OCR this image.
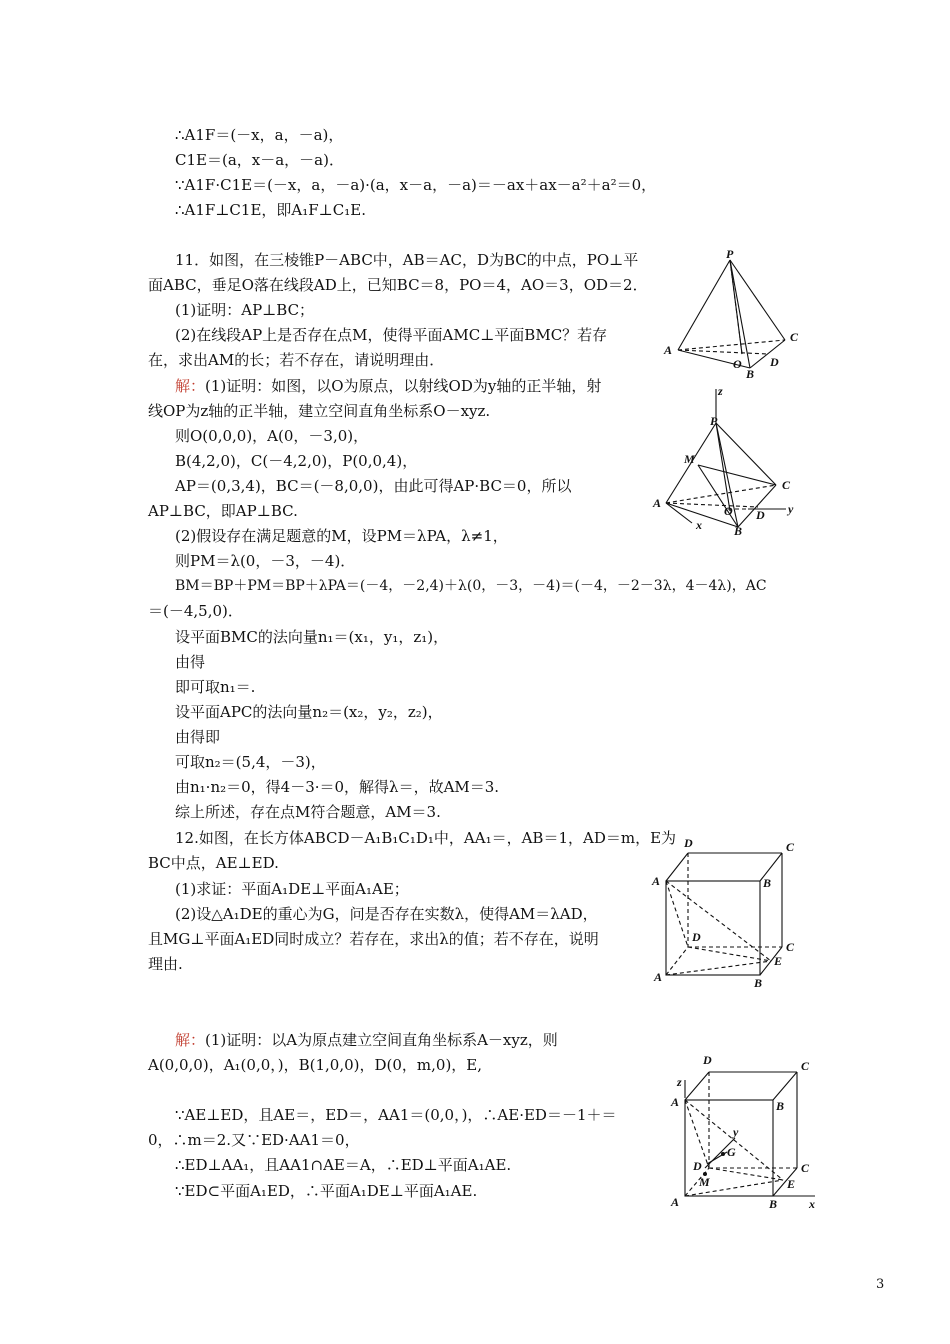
∴A1F＝(－x，a，－a)，
C1E＝(a，x－a，－a)．
∵A1F·C1E＝(－x，a，－a)·(a，x－a，－a)＝－ax＋ax－a²＋a²＝0，
∴A1F⊥C1E，即A₁F⊥C₁E.
11．如图，在三棱锥P－ABC中，AB＝AC，D为BC的中点，PO⊥平
面ABC，垂足O落在线段AD上，已知BC＝8，PO＝4，AO＝3，OD＝2．
(1)证明：AP⊥BC；
(2)在线段AP上是否存在点M，使得平面AMC⊥平面BMC？若存
在，求出AM的长；若不存在，请说明理由．
解：(1)证明：如图，以O为原点，以射线OD为y轴的正半轴，射
线OP为z轴的正半轴，建立空间直角坐标系O－xyz.
则O(0,0,0)，A(0，－3,0)，
B(4,2,0)，C(－4,2,0)，P(0,0,4)，
AP＝(0,3,4)，BC＝(－8,0,0)，由此可得AP·BC＝0，所以
AP⊥BC，即AP⊥BC.
(2)假设存在满足题意的M，设PM＝λPA，λ≠1，
则PM＝λ(0，－3，－4)．
BM＝BP＋PM＝BP＋λPA＝(－4，－2,4)＋λ(0，－3，－4)＝(－4，－2－3λ，4－4λ)，AC
＝(－4,5,0)．
设平面BMC的法向量n₁＝(x₁，y₁，z₁)，
由得
即可取n₁＝.
设平面APC的法向量n₂＝(x₂，y₂，z₂)，
由得即
可取n₂＝(5,4，－3)，
由n₁·n₂＝0，得4－3·＝0，解得λ＝，故AM＝3.
综上所述，存在点M符合题意，AM＝3.
12.如图，在长方体ABCD－A₁B₁C₁D₁中，AA₁＝，AB＝1，AD＝m，E为
BC中点，AE⊥ED.
(1)求证：平面A₁DE⊥平面A₁AE；
(2)设△A₁DE的重心为G，问是否存在实数λ，使得AM＝λAD，
且MG⊥平面A₁ED同时成立？若存在，求出λ的值；若不存在，说明
理由.
解：(1)证明：以A为原点建立空间直角坐标系A－xyz，则
A(0,0,0)，A₁(0,0，)，B(1,0,0)，D(0，m,0)，E,
∵AE⊥ED，且AE＝，ED＝，AA1＝(0,0，)，∴AE·ED＝－1＋＝
0，∴m＝2.又∵ED·AA1＝0，
∴ED⊥AA₁，且AA1∩AE＝A，∴ED⊥平面A₁AE.
∵ED⊂平面A₁ED，∴平面A₁DE⊥平面A₁AE.
P
A
C
O D
B
z
P
M
A
C
O D y
x	B
D	C
A	B
D
C
E
A	B
D	C
z
A	B
y
G
D
M
C
E
A	B	x
3
